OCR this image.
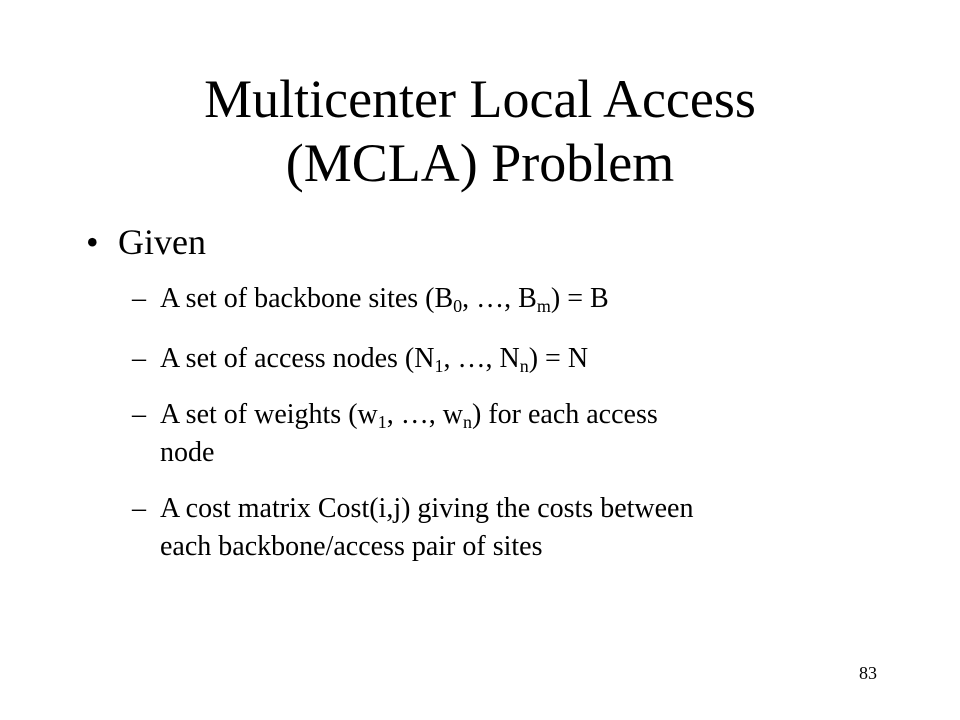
Multicenter Local Access
(MCLA) Problem
• Given
– A set of backbone sites ($B_0$, …, $B_m) = B$
– A set of access nodes ($N_1$, …, $N_n) = N$
– A set of weights ($w_1$, …, $w_n$) for each access
node
– A cost matrix Cost(i,j) giving the costs between
each backbone/access pair of sites
83
